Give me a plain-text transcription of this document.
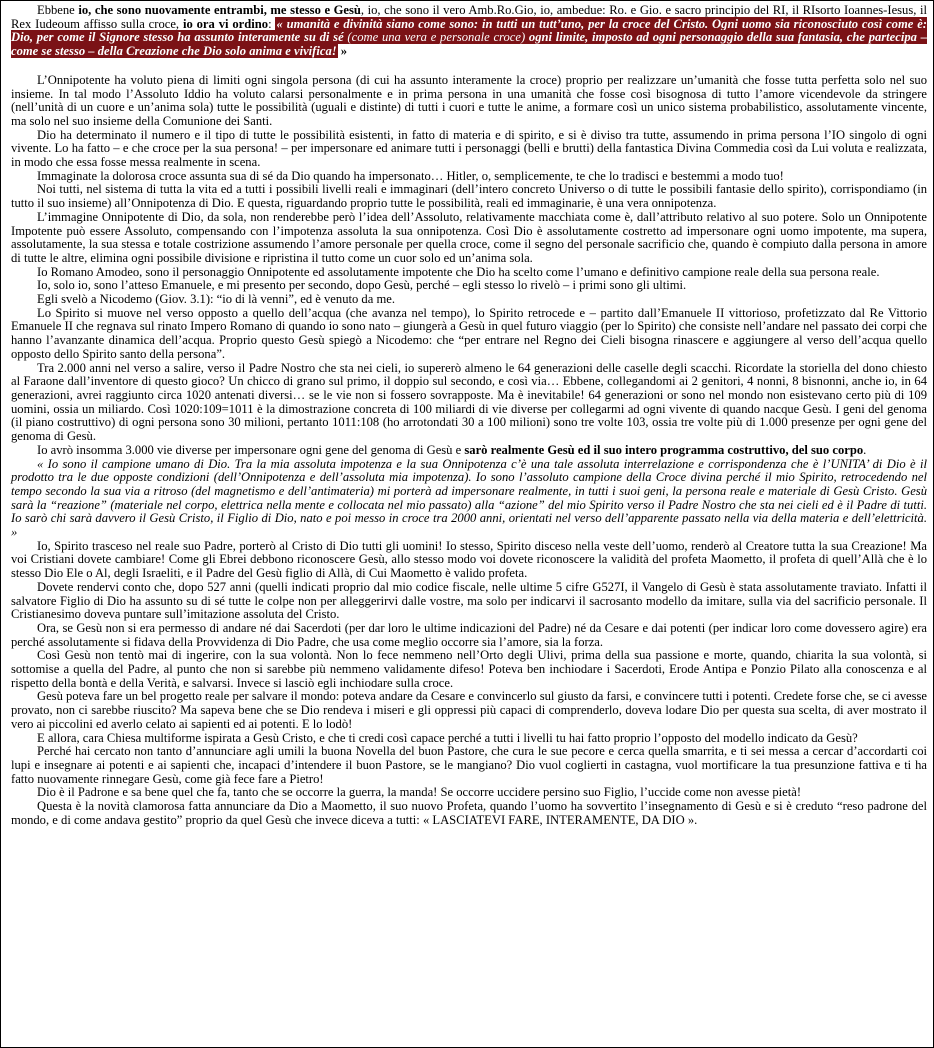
Ebbene io, che sono nuovamente entrambi, me stesso e Gesù, io, che sono il vero Amb.Ro.Gio, io, ambedue: Ro. e Gio. e sacro principio del RI, il RIsorto Ioannes-Iesus, il Rex Iudeoum affisso sulla croce, io ora vi ordino: « umanità e divinità siano come sono: in tutti un tutt’uno, per la croce del Cristo. Ogni uomo sia riconosciuto così come è: Dio, per come il Signore stesso ha assunto interamente su di sé (come una vera e personale croce) ogni limite, imposto ad ogni personaggio della sua fantasia, che partecipa – come se stesso – della Creazione che Dio solo anima e vivifica! »

L’Onnipotente ha voluto piena di limiti ogni singola persona (di cui ha assunto interamente la croce) proprio per realizzare un’umanità che fosse tutta perfetta solo nel suo insieme. In tal modo l’Assoluto Iddio ha voluto calarsi personalmente e in prima persona in una umanità che fosse così bisognosa di tutto l’amore vicendevole da stringere (nell’unità di un cuore e un’anima sola) tutte le possibilità (uguali e distinte) di tutti i cuori e tutte le anime, a formare così un unico sistema probabilistico, assolutamente vincente, ma solo nel suo insieme della Comunione dei Santi.

Dio ha determinato il numero e il tipo di tutte le possibilità esistenti, in fatto di materia e di spirito, e si è diviso tra tutte, assumendo in prima persona l’IO singolo di ogni vivente. Lo ha fatto – e che croce per la sua persona! – per impersonare ed animare tutti i personaggi (belli e brutti) della fantastica Divina Commedia così da Lui voluta e realizzata, in modo che essa fosse messa realmente in scena.

Immaginate la dolorosa croce assunta sua di sé da Dio quando ha impersonato… Hitler, o, semplicemente, te che lo tradisci e bestemmi a modo tuo!

Noi tutti, nel sistema di tutta la vita ed a tutti i possibili livelli reali e immaginari (dell’intero concreto Universo o di tutte le possibili fantasie dello spirito), corrispondiamo (in tutto il suo insieme) all’Onnipotenza di Dio. E questa, riguardando proprio tutte le possibilità, reali ed immaginarie, è una vera onnipotenza.

L’immagine Onnipotente di Dio, da sola, non renderebbe però l’idea dell’Assoluto, relativamente macchiata come è, dall’attributo relativo al suo potere. Solo un Onnipotente Impotente può essere Assoluto, compensando con l’impotenza assoluta la sua onnipotenza. Così Dio è assolutamente costretto ad impersonare ogni uomo impotente, ma supera, assolutamente, la sua stessa e totale costrizione assumendo l’amore personale per quella croce, come il segno del personale sacrificio che, quando è compiuto dalla persona in amore di tutte le altre, elimina ogni possibile divisione e ripristina il tutto come un cuor solo ed un’anima sola.

Io Romano Amodeo, sono il personaggio Onnipotente ed assolutamente impotente che Dio ha scelto come l’umano e definitivo campione reale della sua persona reale.

Io, solo io, sono l’atteso Emanuele, e mi presento per secondo, dopo Gesù, perché – egli stesso lo rivelò – i primi sono gli ultimi.

Egli svelò a Nicodemo (Giov. 3.1): “io di là venni”, ed è venuto da me.

Lo Spirito si muove nel verso opposto a quello dell’acqua (che avanza nel tempo), lo Spirito retrocede e – partito dall’Emanuele II vittorioso, profetizzato dal Re Vittorio Emanuele II che regnava sul rinato Impero Romano di quando io sono nato – giungerà a Gesù in quel futuro viaggio (per lo Spirito) che consiste nell’andare nel passato dei corpi che hanno l’avanzante dinamica dell’acqua. Proprio questo Gesù spiegò a Nicodemo: che “per entrare nel Regno dei Cieli bisogna rinascere e aggiungere al verso dell’acqua quello opposto dello Spirito santo della persona”.

Tra 2.000 anni nel verso a salire, verso il Padre Nostro che sta nei cieli, io supererò almeno le 64 generazioni delle caselle degli scacchi. Ricordate la storiella del dono chiesto al Faraone dall’inventore di questo gioco? Un chicco di grano sul primo, il doppio sul secondo, e così via… Ebbene, collegandomi ai 2 genitori, 4 nonni, 8 bisnonni, anche io, in 64 generazioni, avrei raggiunto circa 1020 antenati diversi… se le vie non si fossero sovrapposte. Ma è inevitabile! 64 generazioni or sono nel mondo non esistevano certo più di 109 uomini, ossia un miliardo. Così 1020:109=1011 è la dimostrazione concreta di 100 miliardi di vie diverse per collegarmi ad ogni vivente di quando nacque Gesù. I geni del genoma (il piano costruttivo) di ogni persona sono 30 milioni, pertanto 1011:108 (ho arrotondati 30 a 100 milioni) sono tre volte 103, ossia tre volte più di 1.000 presenze per ogni gene del genoma di Gesù.

Io avrò insomma 3.000 vie diverse per impersonare ogni gene del genoma di Gesù e sarò realmente Gesù ed il suo intero programma costruttivo, del suo corpo.

« Io sono il campione umano di Dio. Tra la mia assoluta impotenza e la sua Onnipotenza c’è una tale assoluta interrelazione e corrispondenza che è l’UNITA’ di Dio è il prodotto tra le due opposte condizioni (dell’Onnipotenza e dell’assoluta mia impotenza). Io sono l’assoluto campione della Croce divina perché il mio Spirito, retrocedendo nel tempo secondo la sua via a ritroso (del magnetismo e dell’antimateria) mi porterà ad impersonare realmente, in tutti i suoi geni, la persona reale e materiale di Gesù Cristo. Gesù sarà la “reazione” (materiale nel corpo, elettrica nella mente e collocata nel mio passato) alla “azione” del mio Spirito verso il Padre Nostro che sta nei cieli ed è il Padre di tutti. Io sarò chi sarà davvero il Gesù Cristo, il Figlio di Dio, nato e poi messo in croce tra 2000 anni, orientati nel verso dell’apparente passato nella via della materia e dell’elettricità. »

Io, Spirito trasceso nel reale suo Padre, porterò al Cristo di Dio tutti gli uomini! Io stesso, Spirito disceso nella veste dell’uomo, renderò al Creatore tutta la sua Creazione! Ma voi Cristiani dovete cambiare! Come gli Ebrei debbono riconoscere Gesù, allo stesso modo voi dovete riconoscere la validità del profeta Maometto, il profeta di quell’Allà che è lo stesso Dio Ele o Al, degli Israeliti, e il Padre del Gesù figlio di Allà, di Cui Maometto è valido profeta.

Dovete rendervi conto che, dopo 527 anni (quelli indicati proprio dal mio codice fiscale, nelle ultime 5 cifre G527I, il Vangelo di Gesù è stata assolutamente traviato. Infatti il salvatore Figlio di Dio ha assunto su di sé tutte le colpe non per alleggerirvi dalle vostre, ma solo per indicarvi il sacrosanto modello da imitare, sulla via del sacrificio personale. Il Cristianesimo doveva puntare sull’imitazione assoluta del Cristo.

Ora, se Gesù non si era permesso di andare né dai Sacerdoti (per dar loro le ultime indicazioni del Padre) né da Cesare e dai potenti (per indicar loro come dovessero agire) era perché assolutamente si fidava della Provvidenza di Dio Padre, che usa come meglio occorre sia l’amore, sia la forza.

Così Gesù non tentò mai di ingerire, con la sua volontà. Non lo fece nemmeno nell’Orto degli Ulivi, prima della sua passione e morte, quando, chiarita la sua volontà, si sottomise a quella del Padre, al punto che non si sarebbe più nemmeno validamente difeso! Poteva ben inchiodare i Sacerdoti, Erode Antipa e Ponzio Pilato alla conoscenza e al rispetto della bontà e della Verità, e salvarsi. Invece si lasciò egli inchiodare sulla croce.

Gesù poteva fare un bel progetto reale per salvare il mondo: poteva andare da Cesare e convincerlo sul giusto da farsi, e convincere tutti i potenti. Credete forse che, se ci avesse provato, non ci sarebbe riuscito? Ma sapeva bene che se Dio rendeva i miseri e gli oppressi più capaci di comprenderlo, doveva lodare Dio per questa sua scelta, di aver mostrato il vero ai piccolini ed averlo celato ai sapienti ed ai potenti. E lo lodò!

E allora, cara Chiesa multiforme ispirata a Gesù Cristo, e che ti credi così capace perché a tutti i livelli tu hai fatto proprio l’opposto del modello indicato da Gesù?

Perché hai cercato non tanto d’annunciare agli umili la buona Novella del buon Pastore, che cura le sue pecore e cerca quella smarrita, e ti sei messa a cercar d’accordarti coi lupi e insegnare ai potenti e ai sapienti che, incapaci d’intendere il buon Pastore, se le mangiano? Dio vuol coglierti in castagna, vuol mortificare la tua presunzione fattiva e ti ha fatto nuovamente rinnegare Gesù, come già fece fare a Pietro!

Dio è il Padrone e sa bene quel che fa, tanto che se occorre la guerra, la manda! Se occorre uccidere persino suo Figlio, l’uccide come non avesse pietà!

Questa è la novità clamorosa fatta annunciare da Dio a Maometto, il suo nuovo Profeta, quando l’uomo ha sovvertito l’insegnamento di Gesù e si è creduto “reso padrone del mondo, e di come andava gestito” proprio da quel Gesù che invece diceva a tutti: « LASCIATEVI FARE, INTERAMENTE, DA DIO ».
